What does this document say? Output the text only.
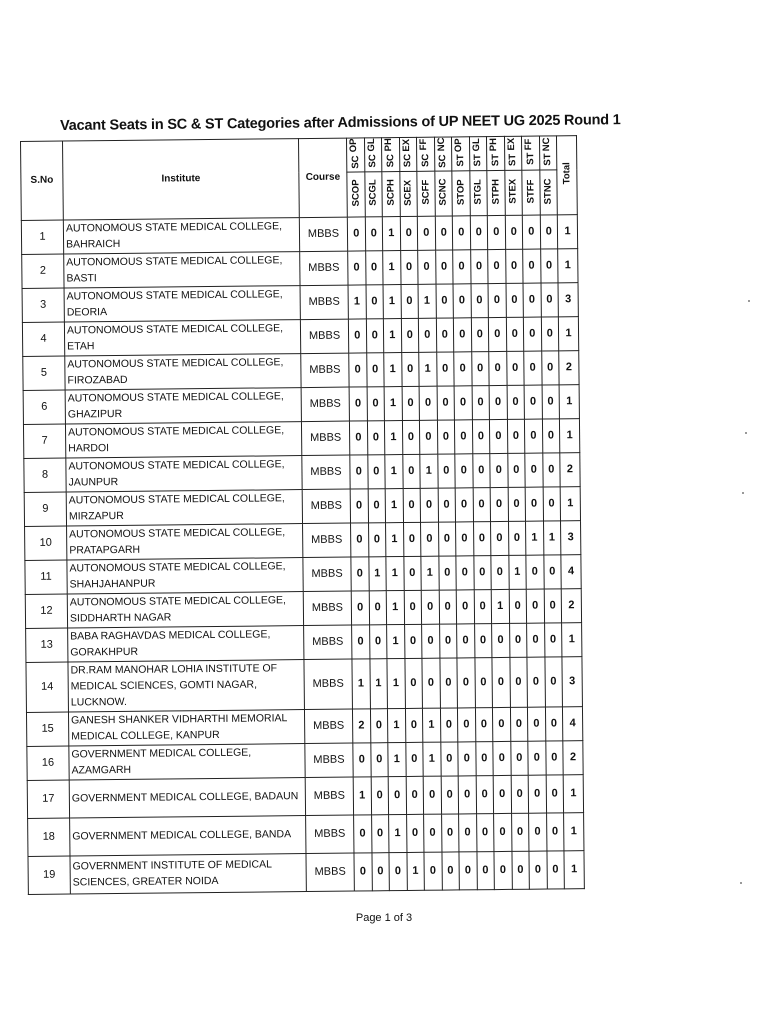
Vacant Seats in SC & ST Categories after Admissions of UP NEET UG 2025 Round 1
S.No	Institute	Course	OP SC	GL SC	PH SC	EX SC	FF SC	NC SC	OP ST	GL ST	PH ST	EX ST	FF ST	NC ST	Total
			SCOP	SCGL	SCPH	SCEX	SCFF	SCNC	STOP	STGL	STPH	STEX	STFF	STNC	
1	AUTONOMOUS STATE MEDICAL COLLEGE,
BAHRAICH	MBBS	0	0	1	0	0	0	0	0	0	0	0	0	1
2	AUTONOMOUS STATE MEDICAL COLLEGE,
BASTI	MBBS	0	0	1	0	0	0	0	0	0	0	0	0	1
3	AUTONOMOUS STATE MEDICAL COLLEGE,
DEORIA	MBBS	1	0	1	0	1	0	0	0	0	0	0	0	3
4	AUTONOMOUS STATE MEDICAL COLLEGE,
ETAH	MBBS	0	0	1	0	0	0	0	0	0	0	0	0	1
5	AUTONOMOUS STATE MEDICAL COLLEGE,
FIROZABAD	MBBS	0	0	1	0	1	0	0	0	0	0	0	0	2
6	AUTONOMOUS STATE MEDICAL COLLEGE,
GHAZIPUR	MBBS	0	0	1	0	0	0	0	0	0	0	0	0	1
7	AUTONOMOUS STATE MEDICAL COLLEGE,
HARDOI	MBBS	0	0	1	0	0	0	0	0	0	0	0	0	1
8	AUTONOMOUS STATE MEDICAL COLLEGE,
JAUNPUR	MBBS	0	0	1	0	1	0	0	0	0	0	0	0	2
9	AUTONOMOUS STATE MEDICAL COLLEGE,
MIRZAPUR	MBBS	0	0	1	0	0	0	0	0	0	0	0	0	1
10	AUTONOMOUS STATE MEDICAL COLLEGE,
PRATAPGARH	MBBS	0	0	1	0	0	0	0	0	0	0	1	1	3
11	AUTONOMOUS STATE MEDICAL COLLEGE,
SHAHJAHANPUR	MBBS	0	1	1	0	1	0	0	0	0	1	0	0	4
12	AUTONOMOUS STATE MEDICAL COLLEGE,
SIDDHARTH NAGAR	MBBS	0	0	1	0	0	0	0	0	1	0	0	0	2
13	BABA RAGHAVDAS MEDICAL COLLEGE,
GORAKHPUR	MBBS	0	0	1	0	0	0	0	0	0	0	0	0	1
14	DR.RAM MANOHAR LOHIA INSTITUTE OF
MEDICAL SCIENCES, GOMTI NAGAR,
LUCKNOW.	MBBS	1	1	1	0	0	0	0	0	0	0	0	0	3
15	GANESH SHANKER VIDHARTHI MEMORIAL
MEDICAL COLLEGE, KANPUR	MBBS	2	0	1	0	1	0	0	0	0	0	0	0	4
16	GOVERNMENT MEDICAL COLLEGE,
AZAMGARH	MBBS	0	0	1	0	1	0	0	0	0	0	0	0	2
17	GOVERNMENT MEDICAL COLLEGE, BADAUN	MBBS	1	0	0	0	0	0	0	0	0	0	0	0	1
18	GOVERNMENT MEDICAL COLLEGE, BANDA	MBBS	0	0	1	0	0	0	0	0	0	0	0	0	1
19	GOVERNMENT INSTITUTE OF MEDICAL
SCIENCES, GREATER NOIDA	MBBS	0	0	0	1	0	0	0	0	0	0	0	0	1
Page 1 of 3
